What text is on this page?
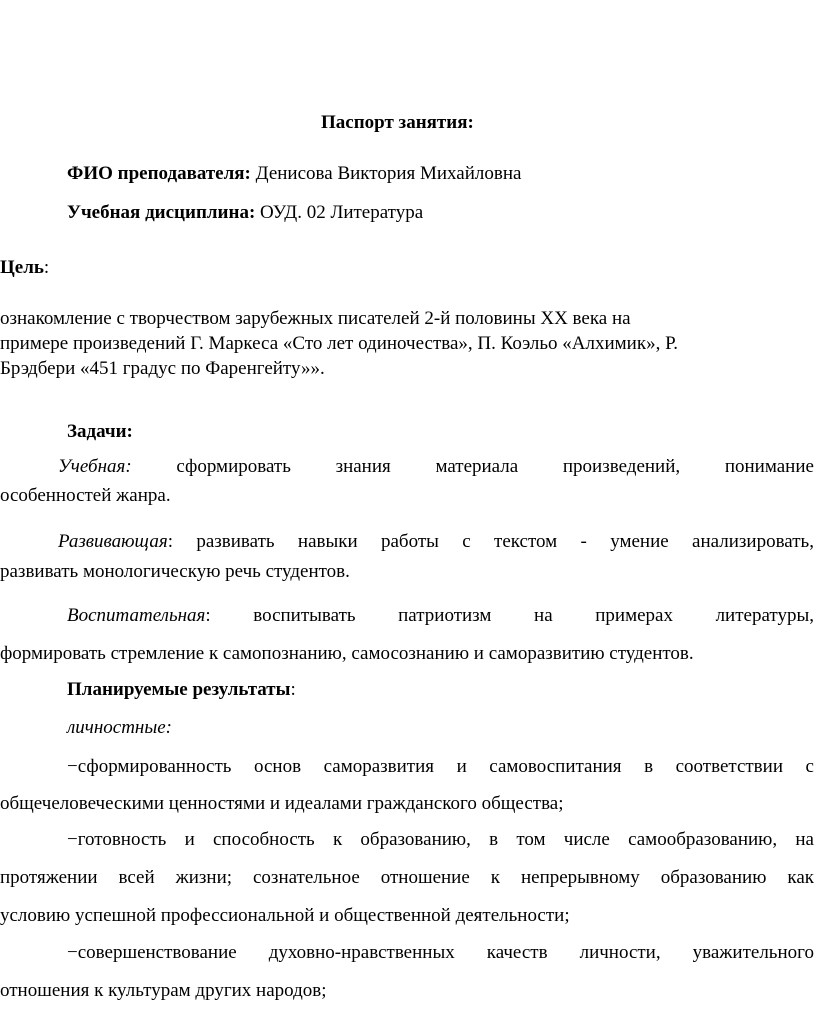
Паспорт занятия:
ФИО преподавателя: Денисова Виктория Михайловна
Учебная дисциплина: ОУД. 02 Литература
Цель:
ознакомление с творчеством зарубежных писателей 2-й половины ХХ века на
примере произведений Г. Маркеса «Сто лет одиночества», П. Коэльо «Алхимик», Р.
Брэдбери «451 градус по Фаренгейту»».
Задачи:
Учебная: сформировать знания материала произведений, понимание
особенностей жанра.
Развивающая: развивать навыки работы с текстом - умение анализировать,
развивать монологическую речь студентов.
Воспитательная: воспитывать патриотизм на примерах литературы,
формировать стремление к самопознанию, самосознанию и саморазвитию студентов.
Планируемые результаты:
личностные:
−сформированность основ саморазвития и самовоспитания в соответствии с
общечеловеческими ценностями и идеалами гражданского общества;
−готовность и способность к образованию, в том числе самообразованию, на
протяжении всей жизни; сознательное отношение к непрерывному образованию как
условию успешной профессиональной и общественной деятельности;
−совершенствование духовно-нравственных качеств личности, уважительного
отношения к культурам других народов;
